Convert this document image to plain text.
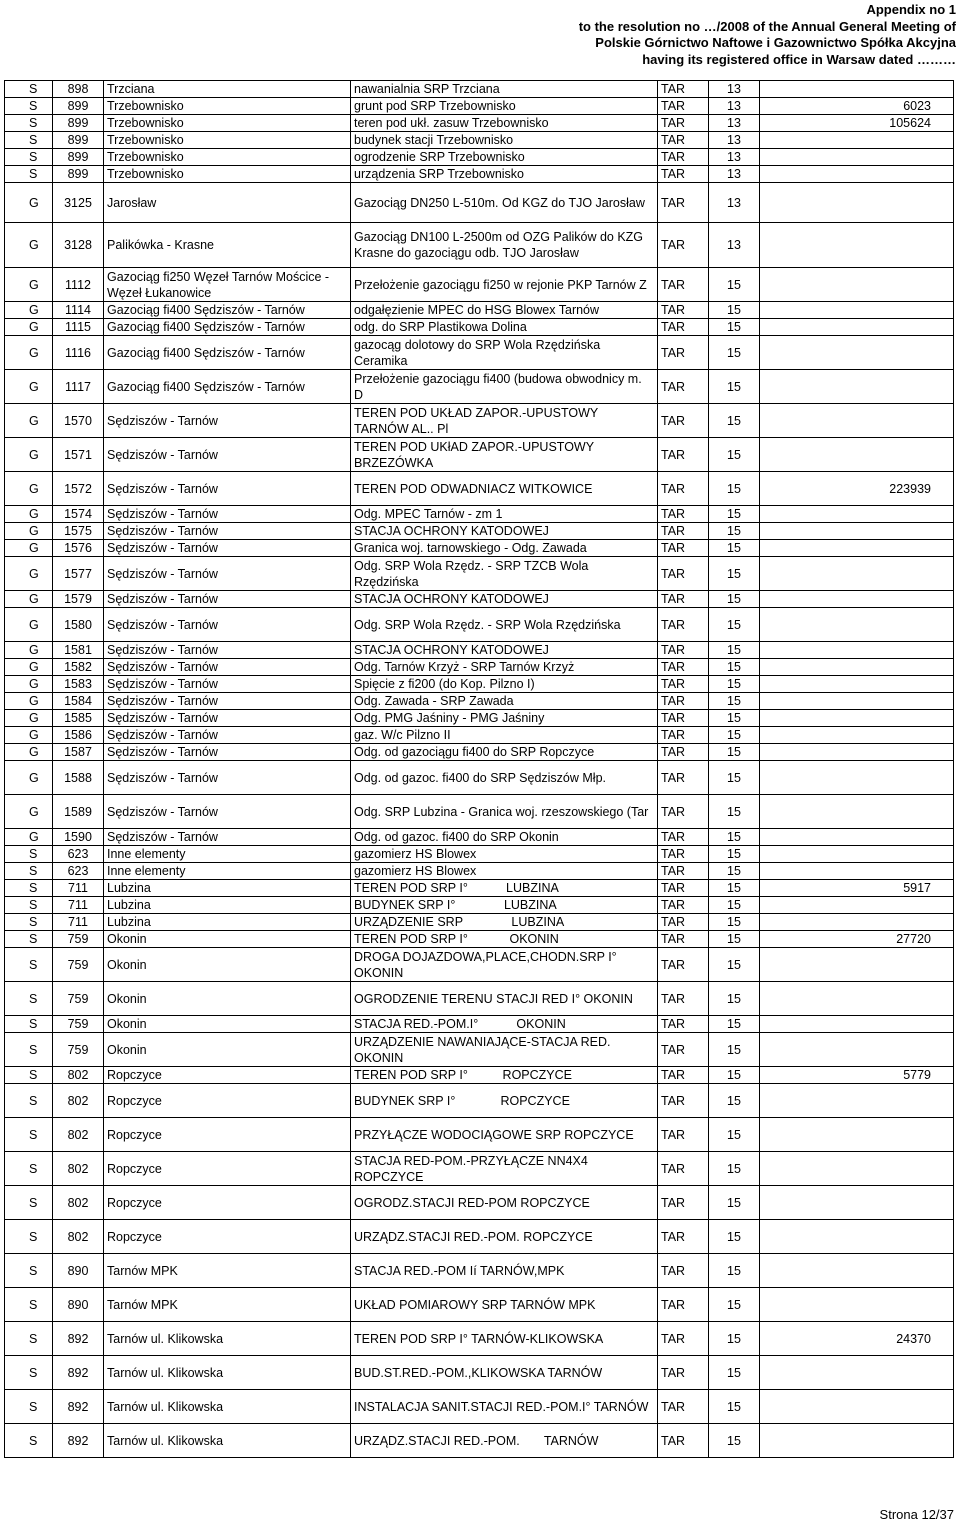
Appendix no 1
to the resolution no …/2008 of the Annual General Meeting of
Polskie Górnictwo Naftowe i Gazownictwo Spółka Akcyjna
having its registered office in Warsaw dated ………
S	898	Trzciana	nawanialnia SRP Trzciana	TAR	13	
S	899	Trzebownisko	grunt pod SRP Trzebownisko	TAR	13	6023
S	899	Trzebownisko	teren pod ukł. zasuw Trzebownisko	TAR	13	105624
S	899	Trzebownisko	budynek stacji Trzebownisko	TAR	13	
S	899	Trzebownisko	ogrodzenie SRP Trzebownisko	TAR	13	
S	899	Trzebownisko	urządzenia SRP Trzebownisko	TAR	13	
G	3125	Jarosław	Gazociąg DN250 L-510m. Od KGZ do TJO Jarosław	TAR	13	
G	3128	Palikówka - Krasne	Gazociąg DN100 L-2500m od OZG Palików do KZG Krasne do gazociągu odb. TJO Jarosław	TAR	13	
G	1112	Gazociąg fi250 Węzeł Tarnów Mościce - Węzeł Łukanowice	Przełożenie gazociągu fi250 w rejonie PKP Tarnów Z	TAR	15	
G	1114	Gazociąg fi400 Sędziszów - Tarnów	odgałęzienie MPEC do HSG Blowex Tarnów	TAR	15	
G	1115	Gazociąg fi400 Sędziszów - Tarnów	odg. do SRP Plastikowa Dolina	TAR	15	
G	1116	Gazociąg fi400 Sędziszów - Tarnów	gazocąg dolotowy do SRP Wola Rzędzińska Ceramika	TAR	15	
G	1117	Gazociąg fi400 Sędziszów - Tarnów	Przełożenie gazociągu fi400 (budowa obwodnicy m. D	TAR	15	
G	1570	Sędziszów - Tarnów	TEREN POD UKŁAD ZAPOR.-UPUSTOWY TARNÓW AL.. Pl	TAR	15	
G	1571	Sędziszów - Tarnów	TEREN POD UKłAD ZAPOR.-UPUSTOWY BRZEZÓWKA	TAR	15	
G	1572	Sędziszów - Tarnów	TEREN POD ODWADNIACZ WITKOWICE	TAR	15	223939
G	1574	Sędziszów - Tarnów	Odg. MPEC Tarnów - zm 1	TAR	15	
G	1575	Sędziszów - Tarnów	STACJA OCHRONY KATODOWEJ	TAR	15	
G	1576	Sędziszów - Tarnów	Granica woj. tarnowskiego - Odg. Zawada	TAR	15	
G	1577	Sędziszów - Tarnów	Odg. SRP Wola Rzędz. - SRP TZCB Wola Rzędzińska	TAR	15	
G	1579	Sędziszów - Tarnów	STACJA OCHRONY KATODOWEJ	TAR	15	
G	1580	Sędziszów - Tarnów	Odg. SRP Wola Rzędz. - SRP Wola Rzędzińska	TAR	15	
G	1581	Sędziszów - Tarnów	STACJA OCHRONY KATODOWEJ	TAR	15	
G	1582	Sędziszów - Tarnów	Odg. Tarnów Krzyż - SRP Tarnów Krzyż	TAR	15	
G	1583	Sędziszów - Tarnów	Spięcie z fi200 (do Kop. Pilzno I)	TAR	15	
G	1584	Sędziszów - Tarnów	Odg. Zawada - SRP Zawada	TAR	15	
G	1585	Sędziszów - Tarnów	Odg. PMG Jaśniny - PMG Jaśniny	TAR	15	
G	1586	Sędziszów - Tarnów	gaz. W/c Pilzno II	TAR	15	
G	1587	Sędziszów - Tarnów	Odg. od gazociągu fi400 do SRP Ropczyce	TAR	15	
G	1588	Sędziszów - Tarnów	Odg. od gazoc. fi400 do SRP Sędziszów Młp.	TAR	15	
G	1589	Sędziszów - Tarnów	Odg. SRP Lubzina - Granica woj. rzeszowskiego (Tar	TAR	15	
G	1590	Sędziszów - Tarnów	Odg. od gazoc. fi400 do SRP Okonin	TAR	15	
S	623	Inne elementy	gazomierz HS Blowex	TAR	15	
S	623	Inne elementy	gazomierz HS Blowex	TAR	15	
S	711	Lubzina	TEREN POD SRP I°           LUBZINA	TAR	15	5917
S	711	Lubzina	BUDYNEK SRP I°              LUBZINA	TAR	15	
S	711	Lubzina	URZĄDZENIE SRP              LUBZINA	TAR	15	
S	759	Okonin	TEREN POD SRP I°            OKONIN	TAR	15	27720
S	759	Okonin	DROGA DOJAZDOWA,PLACE,CHODN.SRP I° OKONIN	TAR	15	
S	759	Okonin	OGRODZENIE TERENU STACJI RED I° OKONIN	TAR	15	
S	759	Okonin	STACJA RED.-POM.I°           OKONIN	TAR	15	
S	759	Okonin	URZĄDZENIE NAWANIAJĄCE-STACJA RED. OKONIN	TAR	15	
S	802	Ropczyce	TEREN POD SRP I°          ROPCZYCE	TAR	15	5779
S	802	Ropczyce	BUDYNEK SRP I°             ROPCZYCE	TAR	15	
S	802	Ropczyce	PRZYŁĄCZE WODOCIĄGOWE SRP ROPCZYCE	TAR	15	
S	802	Ropczyce	STACJA RED-POM.-PRZYŁĄCZE NN4X4 ROPCZYCE	TAR	15	
S	802	Ropczyce	OGRODZ.STACJI RED-POM ROPCZYCE	TAR	15	
S	802	Ropczyce	URZĄDZ.STACJI RED.-POM. ROPCZYCE	TAR	15	
S	890	Tarnów MPK	STACJA RED.-POM Ií TARNÓW,MPK	TAR	15	
S	890	Tarnów MPK	UKŁAD POMIAROWY SRP TARNÓW MPK	TAR	15	
S	892	Tarnów ul. Klikowska	TEREN POD SRP I° TARNÓW-KLIKOWSKA	TAR	15	24370
S	892	Tarnów ul. Klikowska	BUD.ST.RED.-POM.,KLIKOWSKA TARNÓW	TAR	15	
S	892	Tarnów ul. Klikowska	INSTALACJA SANIT.STACJI RED.-POM.I° TARNÓW	TAR	15	
S	892	Tarnów ul. Klikowska	URZĄDZ.STACJI RED.-POM.       TARNÓW	TAR	15	
Strona 12/37
